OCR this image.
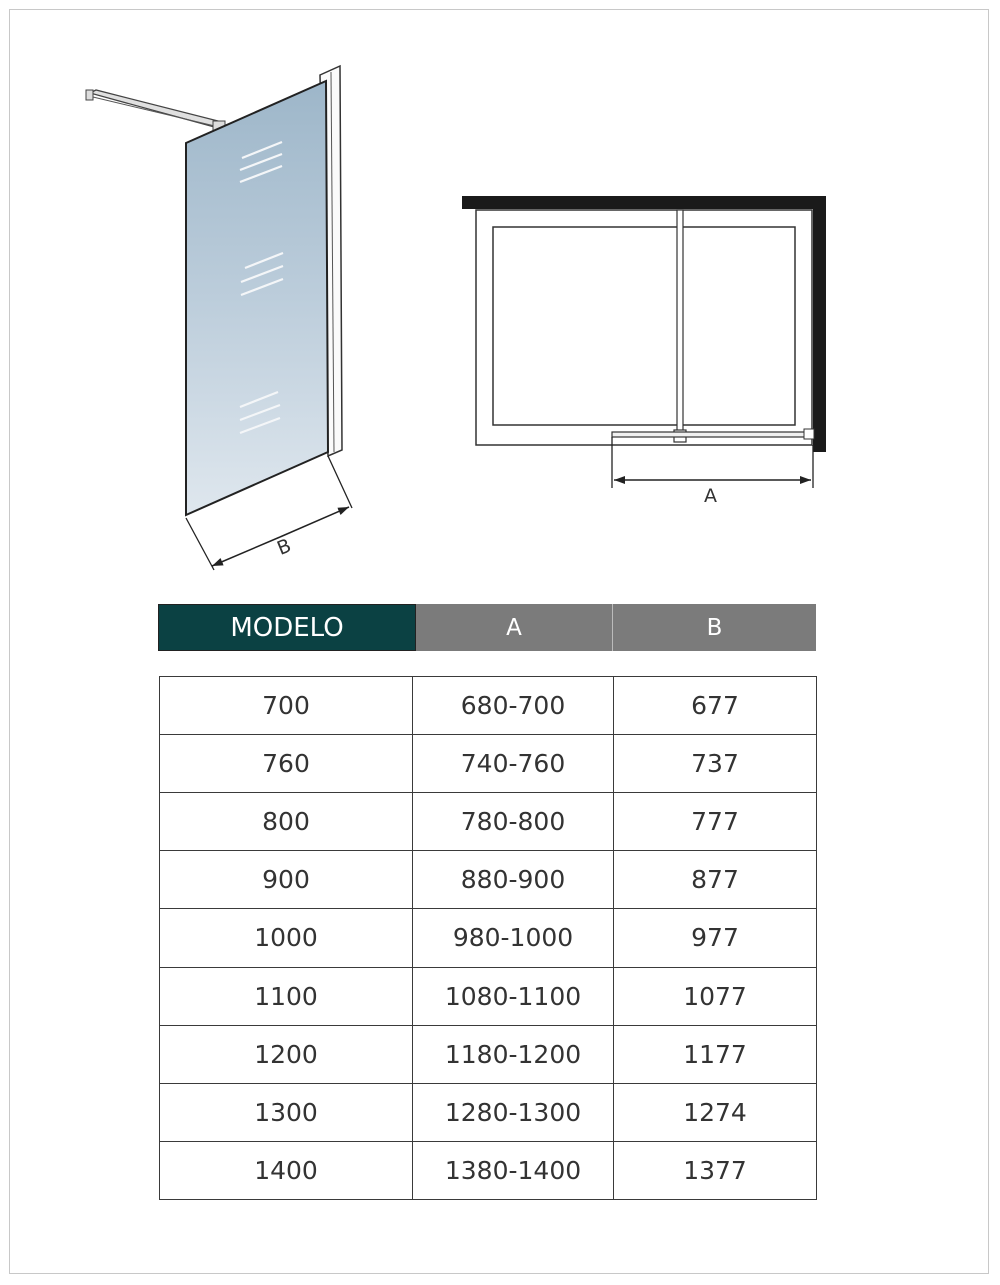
B
A
MODELO	A	B
700	680-700	677
760	740-760	737
800	780-800	777
900	880-900	877
1000	980-1000	977
1100	1080-1100	1077
1200	1180-1200	1177
1300	1280-1300	1274
1400	1380-1400	1377
